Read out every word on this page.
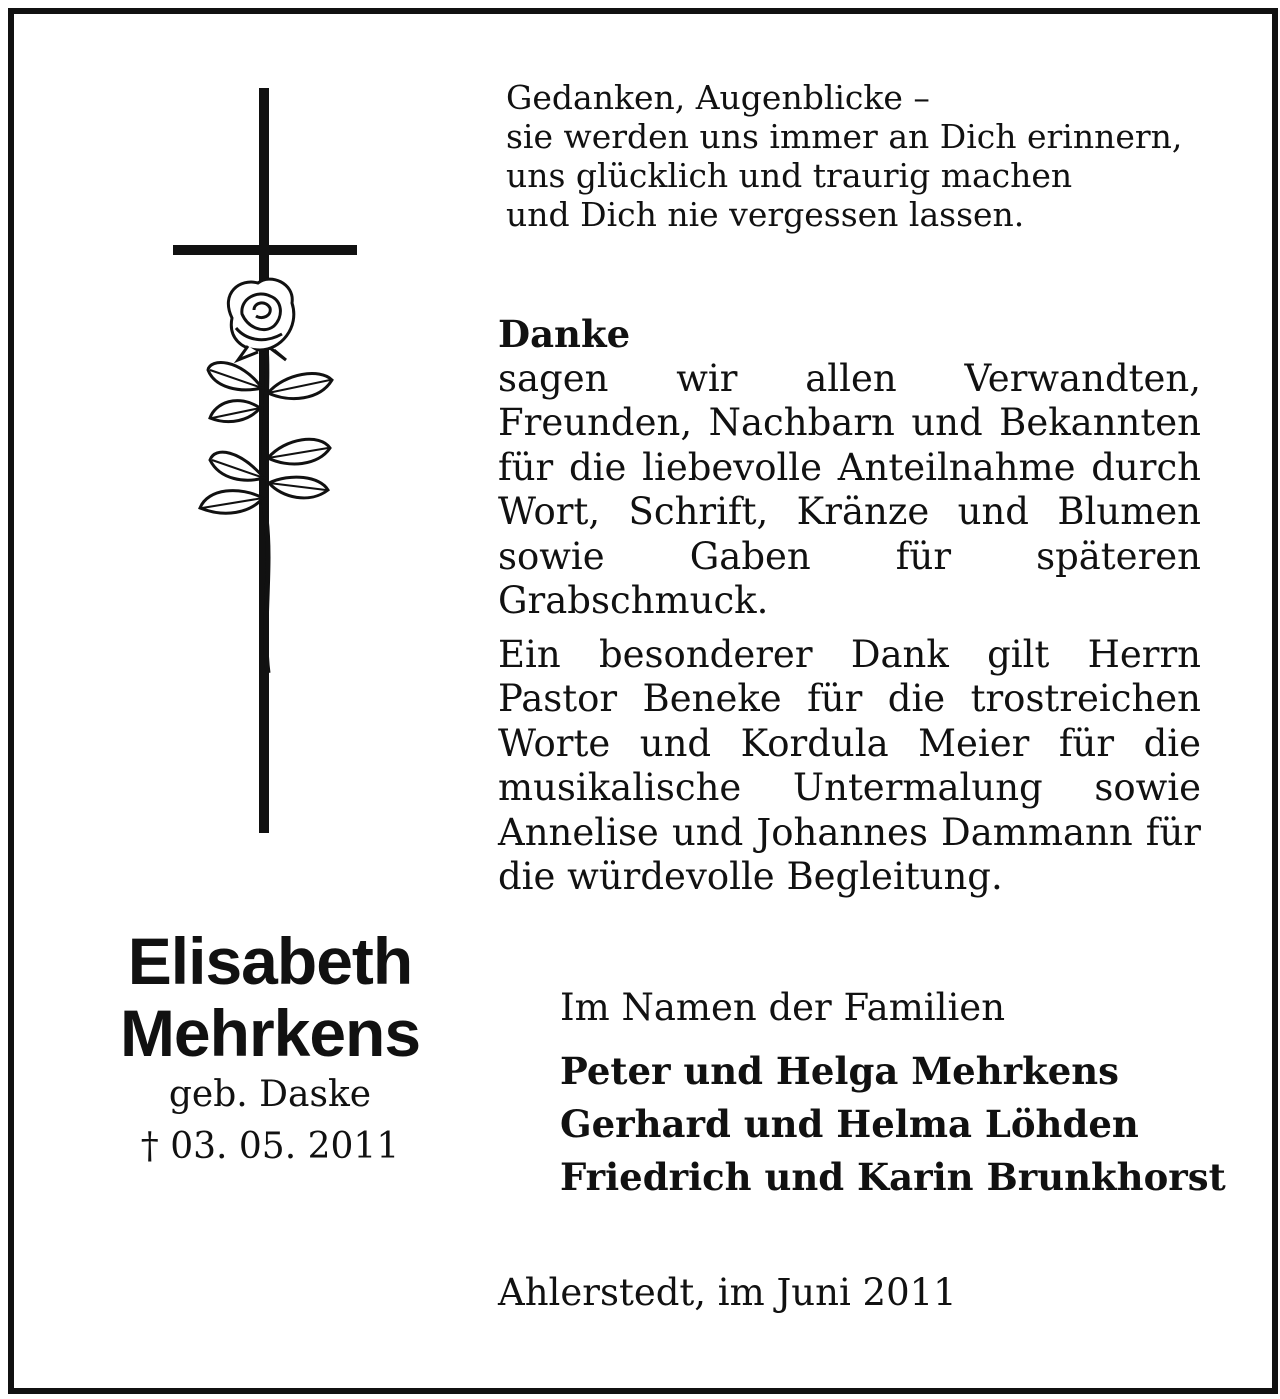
Gedanken, Augenblicke –
sie werden uns immer an Dich erinnern,
uns glücklich und traurig machen
und Dich nie vergessen lassen.
Danke

sagen wir allen Verwandten, Freunden, Nachbarn und Bekannten für die liebevolle Anteilnahme durch Wort, Schrift, Kränze und Blumen sowie Gaben für späteren Grabschmuck.

Ein besonderer Dank gilt Herrn Pastor Beneke für die trostreichen Worte und Kordula Meier für die musikalische Untermalung sowie Annelise und Johannes Dammann für die würdevolle Begleitung.

Elisabeth
Mehrkens
geb. Daske
† 03. 05. 2011
Im Namen der Familien
Peter und Helga Mehrkens
Gerhard und Helma Löhden
Friedrich und Karin Brunkhorst
Ahlerstedt, im Juni 2011
